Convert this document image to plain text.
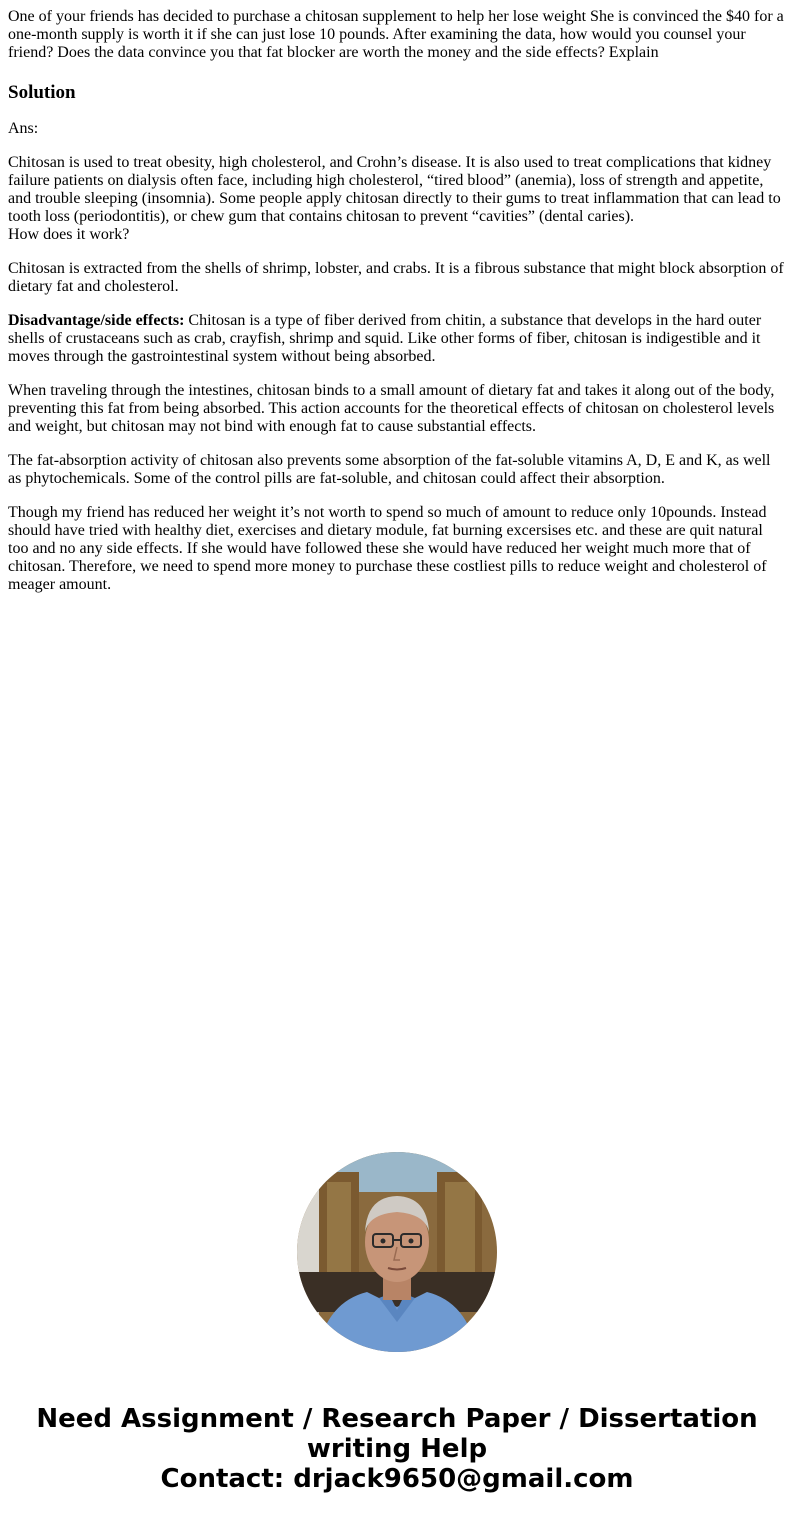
One of your friends has decided to purchase a chitosan supplement to help her lose weight She is convinced the $40 for a one-month supply is worth it if she can just lose 10 pounds. After examining the data, how would you counsel your friend? Does the data convince you that fat blocker are worth the money and the side effects? Explain

Solution

Ans:

Chitosan is used to treat obesity, high cholesterol, and Crohn’s disease. It is also used to treat complications that kidney failure patients on dialysis often face, including high cholesterol, “tired blood” (anemia), loss of strength and appetite, and trouble sleeping (insomnia). Some people apply chitosan directly to their gums to treat inflammation that can lead to tooth loss (periodontitis), or chew gum that contains chitosan to prevent “cavities” (dental caries).
How does it work?

Chitosan is extracted from the shells of shrimp, lobster, and crabs. It is a fibrous substance that might block absorption of dietary fat and cholesterol.

Disadvantage/side effects: Chitosan is a type of fiber derived from chitin, a substance that develops in the hard outer shells of crustaceans such as crab, crayfish, shrimp and squid. Like other forms of fiber, chitosan is indigestible and it moves through the gastrointestinal system without being absorbed.

When traveling through the intestines, chitosan binds to a small amount of dietary fat and takes it along out of the body, preventing this fat from being absorbed. This action accounts for the theoretical effects of chitosan on cholesterol levels and weight, but chitosan may not bind with enough fat to cause substantial effects.

The fat-absorption activity of chitosan also prevents some absorption of the fat-soluble vitamins A, D, E and K, as well as phytochemicals. Some of the control pills are fat-soluble, and chitosan could affect their absorption.

Though my friend has reduced her weight it’s not worth to spend so much of amount to reduce only 10pounds. Instead should have tried with healthy diet, exercises and dietary module, fat burning excersises etc. and these are quit natural too and no any side effects. If she would have followed these she would have reduced her weight much more that of chitosan. Therefore, we need to spend more money to purchase these costliest pills to reduce weight and cholesterol of meager amount.

Need Assignment / Research Paper / Dissertation
writing Help
Contact: drjack9650@gmail.com
